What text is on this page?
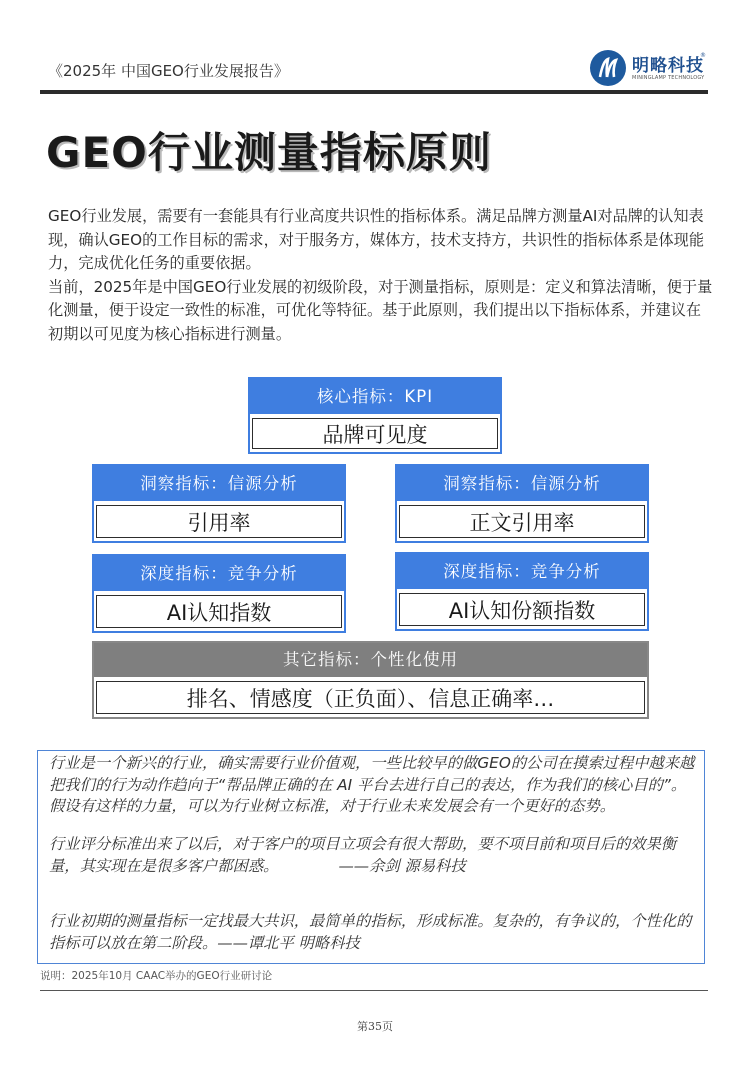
《2025年 中国GEO行业发展报告》	明略科技
®
MININGLAMP TECHNOLOGY
GEO行业测量指标原则

GEO行业发展，需要有一套能具有行业高度共识性的指标体系。满足品牌方测量AI对品牌的认知表现，确认GEO的工作目标的需求，对于服务方，媒体方，技术支持方，共识性的指标体系是体现能力，完成优化任务的重要依据。

当前，2025年是中国GEO行业发展的初级阶段，对于测量指标，原则是：定义和算法清晰，便于量化测量，便于设定一致性的标准，可优化等特征。基于此原则，我们提出以下指标体系，并建议在初期以可见度为核心指标进行测量。

核心指标：KPI
品牌可见度
洞察指标：信源分析
引用率
洞察指标：信源分析
正文引用率
深度指标：竞争分析
AI认知指数
深度指标：竞争分析
AI认知份额指数
其它指标：个性化使用
排名、情感度（正负面）、信息正确率…
行业是一个新兴的行业，确实需要行业价值观，一些比较早的做GEO的公司在摸索过程中越来越把我们的行为动作趋向于“帮品牌正确的在 AI 平台去进行自己的表达，作为我们的核心目的”。假设有这样的力量，可以为行业树立标准，对于行业未来发展会有一个更好的态势。
行业评分标准出来了以后，对于客户的项目立项会有很大帮助，要不项目前和项目后的效果衡量，其实现在是很多客户都困惑。	——余剑 源易科技
行业初期的测量指标一定找最大共识，最简单的指标，形成标准。复杂的，有争议的，个性化的指标可以放在第二阶段。——谭北平 明略科技
说明：2025年10月 CAAC举办的GEO行业研讨论
第35页
